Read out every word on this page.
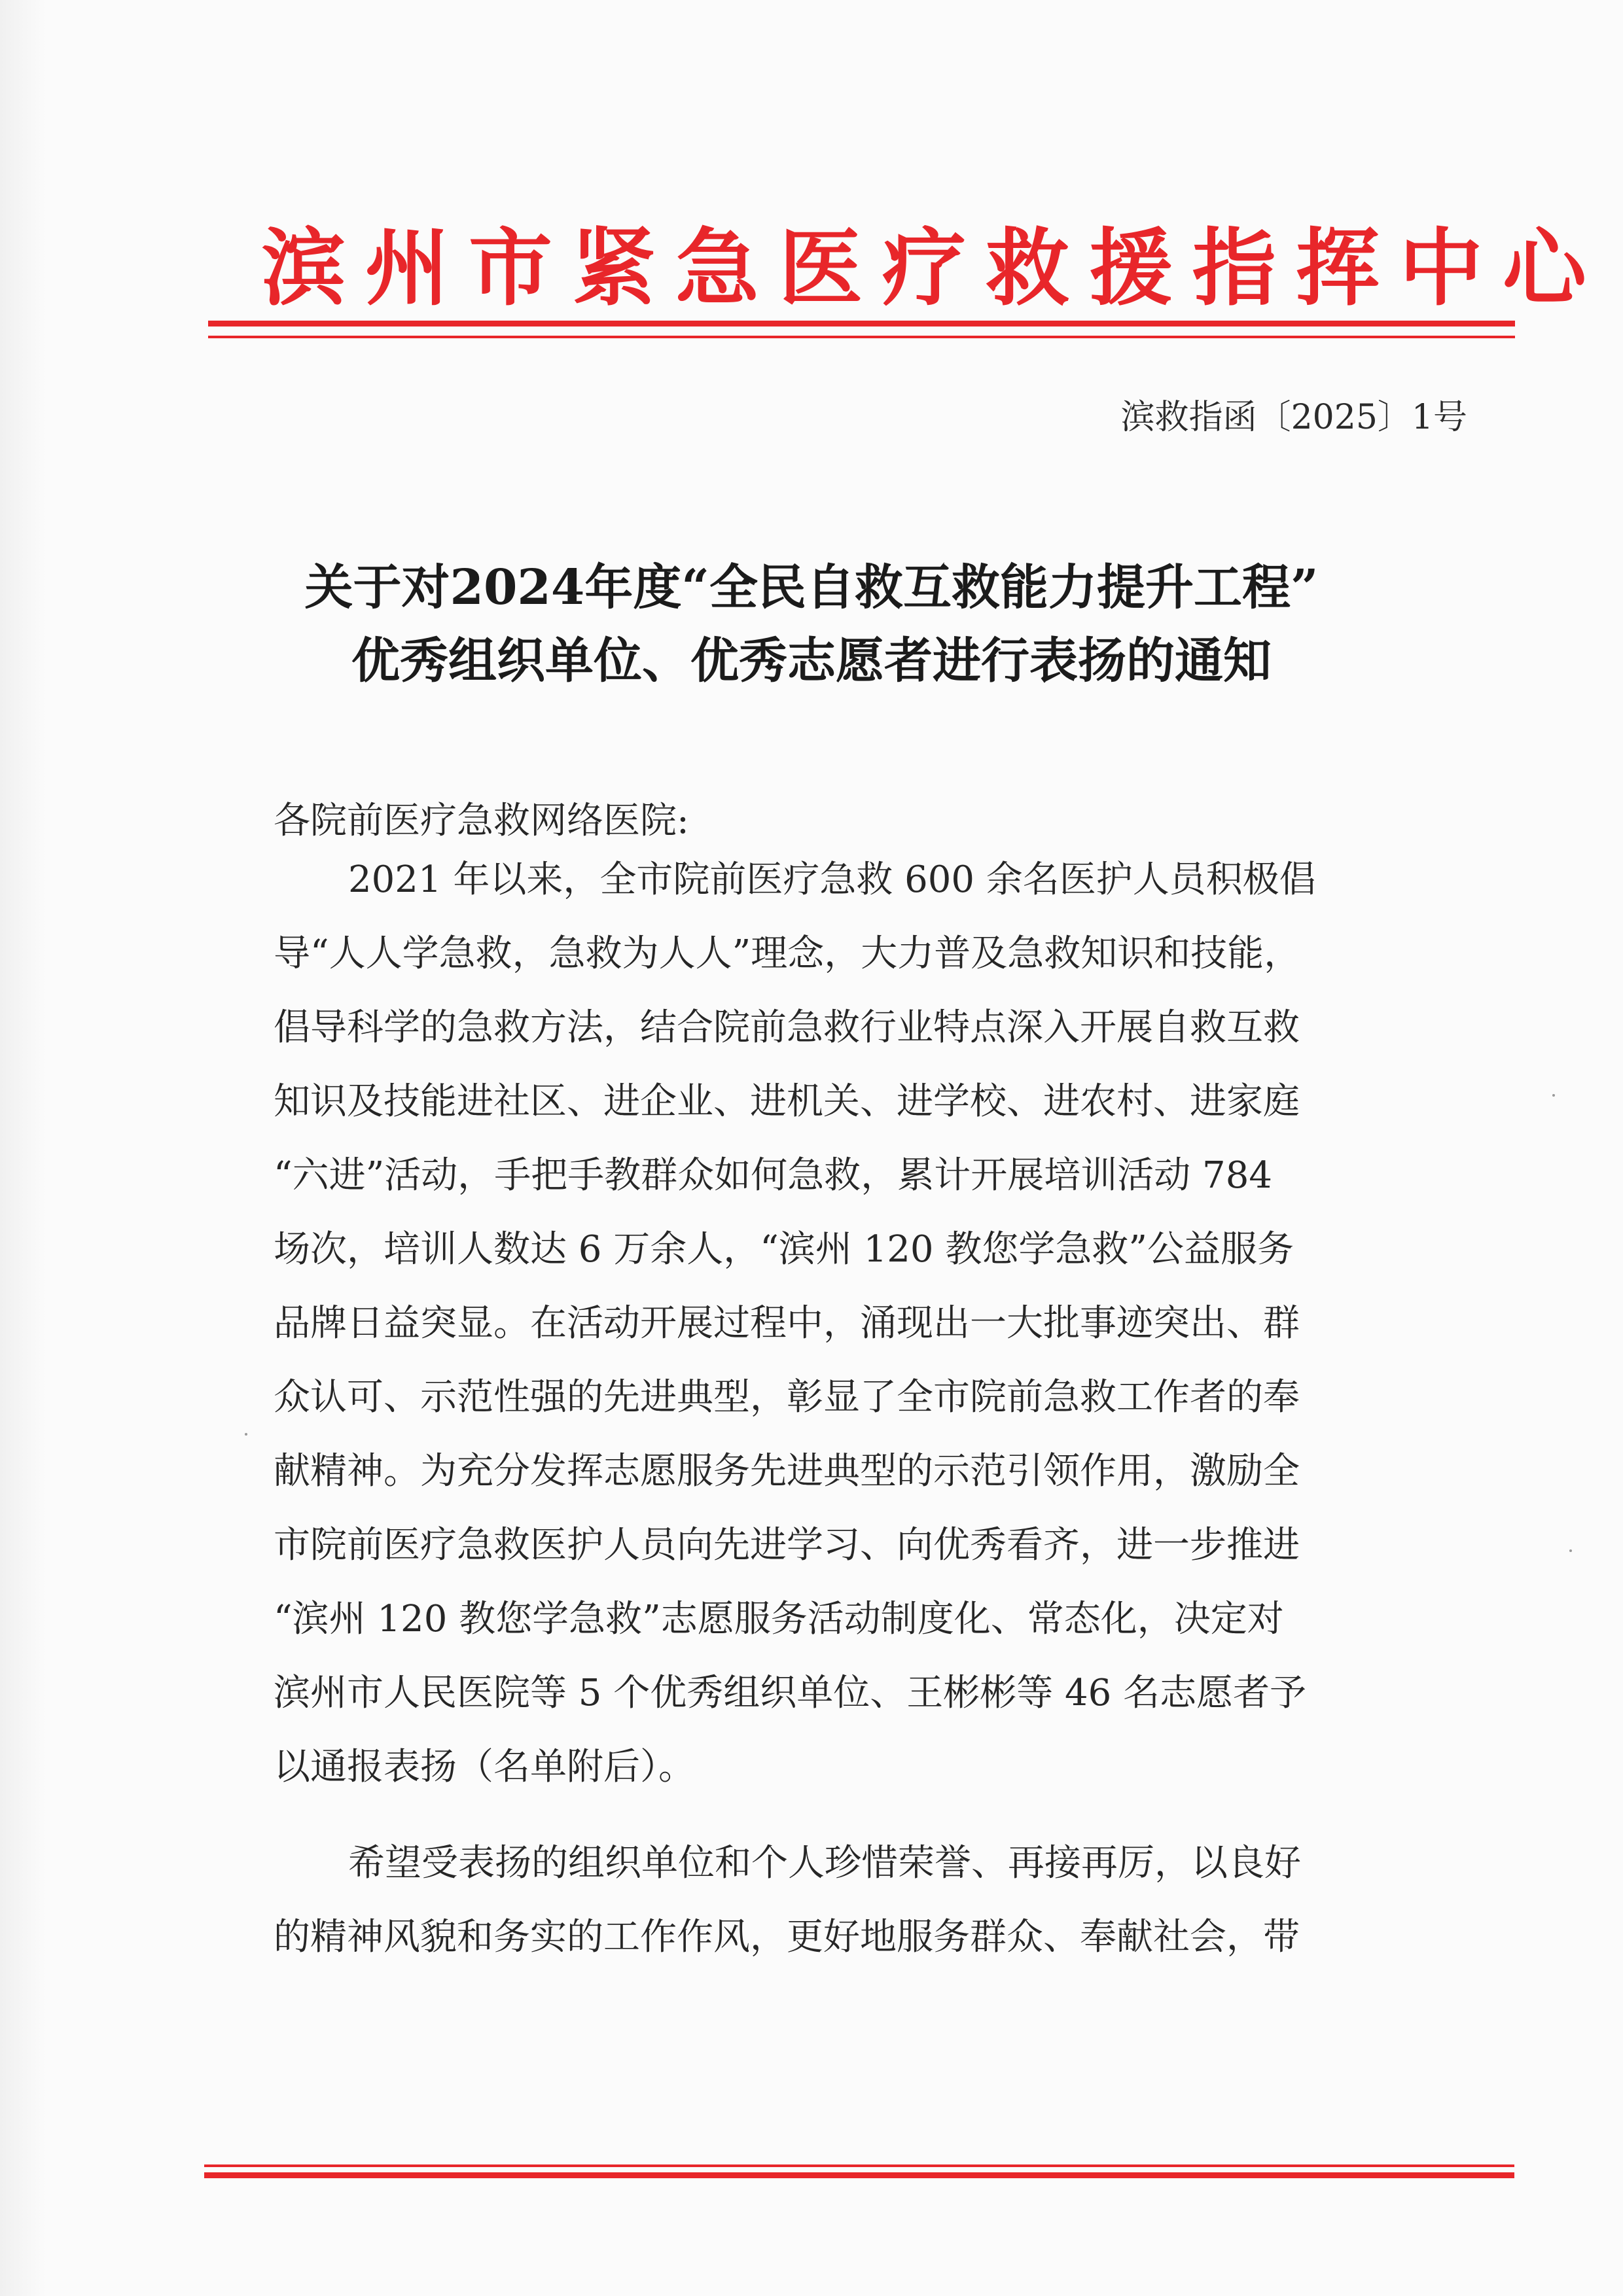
滨州市紧急医疗救援指挥中心
滨救指函〔2025〕1号
关于对2024年度“全民自救互救能力提升工程”
优秀组织单位、优秀志愿者进行表扬的通知
各院前医疗急救网络医院:
2021 年以来，全市院前医疗急救 600 余名医护人员积极倡
导“人人学急救，急救为人人”理念，大力普及急救知识和技能，
倡导科学的急救方法，结合院前急救行业特点深入开展自救互救
知识及技能进社区、进企业、进机关、进学校、进农村、进家庭
“六进”活动，手把手教群众如何急救，累计开展培训活动 784
场次，培训人数达 6 万余人，“滨州 120 教您学急救”公益服务
品牌日益突显。在活动开展过程中，涌现出一大批事迹突出、群
众认可、示范性强的先进典型，彰显了全市院前急救工作者的奉
献精神。为充分发挥志愿服务先进典型的示范引领作用，激励全
市院前医疗急救医护人员向先进学习、向优秀看齐，进一步推进
“滨州 120 教您学急救”志愿服务活动制度化、常态化，决定对
滨州市人民医院等 5 个优秀组织单位、王彬彬等 46 名志愿者予
以通报表扬（名单附后）。
希望受表扬的组织单位和个人珍惜荣誉、再接再厉，以良好
的精神风貌和务实的工作作风，更好地服务群众、奉献社会，带
